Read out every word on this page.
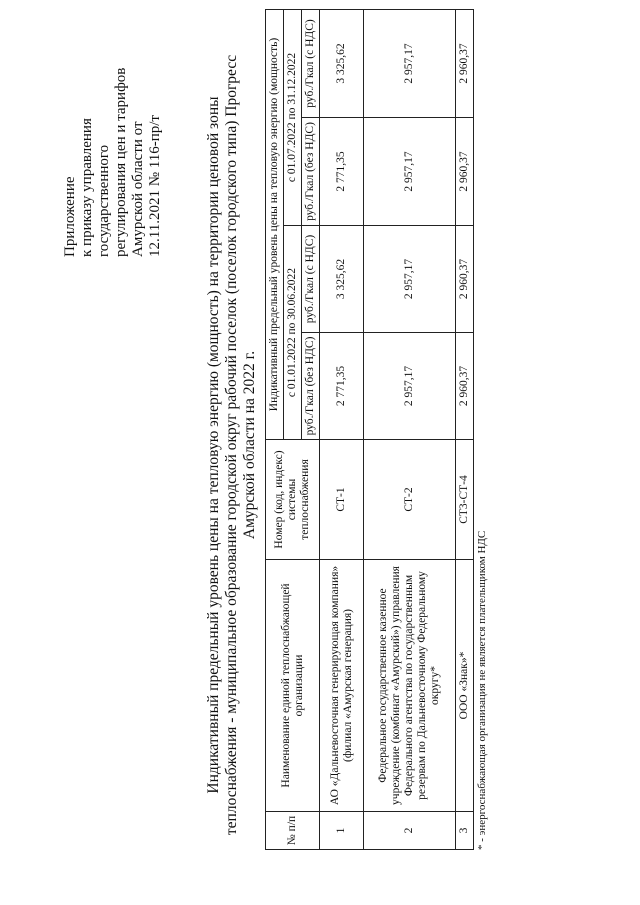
Приложение к приказу управления государственного регулирования цен и тарифов Амурской области от 12.11.2021 № 116-пр/т	Индикативный предельный уровень цены на тепловую энергию (мощность) на территории ценовой зоны теплоснабжения - муниципальное образование городской округ рабочий поселок (поселок городского типа) Прогресс Амурской области на 2022 г.
№ п/п	Наименование единой теплоснабжающей организации	Номер (код, индекс) системы теплоснабжения	Индикативный предельный уровень цены на тепловую энергию (мощность)			
			с 01.01.2022 по 30.06.2022		с 01.07.2022 по 31.12.2022	
			руб./Гкал (без НДС)	руб./Гкал (с НДС)	руб./Гкал (без НДС)	руб./Гкал (с НДС)
1	АО «Дальневосточная генерирующая компания» (филиал «Амурская генерация)	СТ-1	2 771,35	3 325,62	2 771,35	3 325,62
2	Федеральное государственное казенное учреждение (комбинат «Амурский») управления Федерального агентства по государственным резервам по Дальневосточному Федеральному округу*	СТ-2	2 957,17	2 957,17	2 957,17	2 957,17
3	ООО «Знак»*	СТ3-СТ-4	2 960,37	2 960,37	2 960,37	2 960,37
* - энергоснабжающая организация не является плательщиком НДС
